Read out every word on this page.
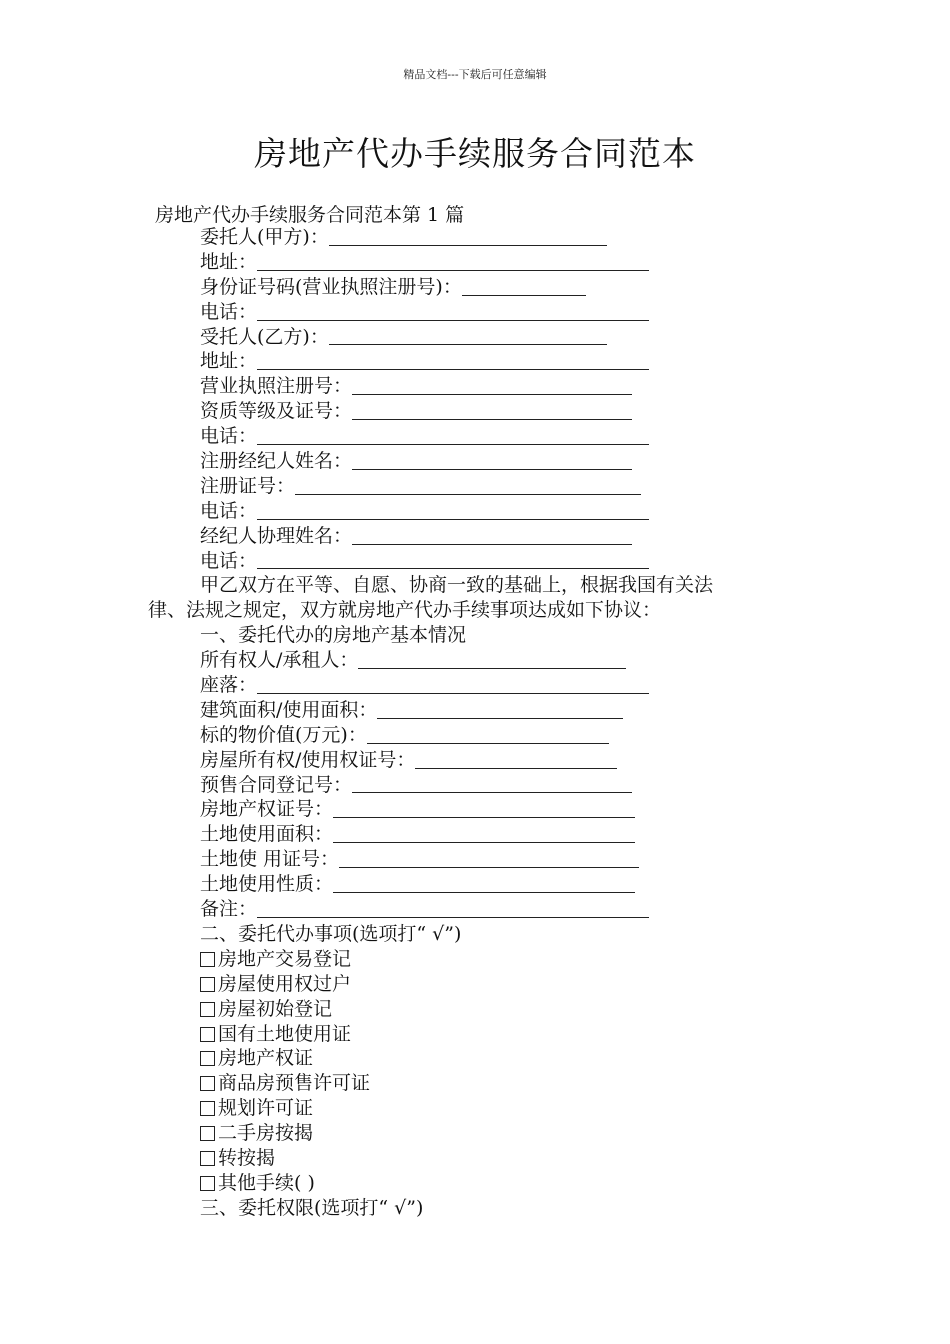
精品文档---下载后可任意编辑
房地产代办手续服务合同范本
房地产代办手续服务合同范本第 1 篇
委托人(甲方)：
地址：
身份证号码(营业执照注册号)：
电话：
受托人(乙方)：
地址：
营业执照注册号：
资质等级及证号：
电话：
注册经纪人姓名：
注册证号：
电话：
经纪人协理姓名：
电话：
甲乙双方在平等、自愿、协商一致的基础上，根据我国有关法
律、法规之规定，双方就房地产代办手续事项达成如下协议：
一、委托代办的房地产基本情况
所有权人/承租人：
座落：
建筑面积/使用面积：
标的物价值(万元)：
房屋所有权/使用权证号：
预售合同登记号：
房地产权证号：
土地使用面积：
土地使 用证号：
土地使用性质：
备注：
二、委托代办事项(选项打“ √”)
房地产交易登记
房屋使用权过户
房屋初始登记
国有土地使用证
房地产权证
商品房预售许可证
规划许可证
二手房按揭
转按揭
其他手续( )
三、委托权限(选项打“ √”)
